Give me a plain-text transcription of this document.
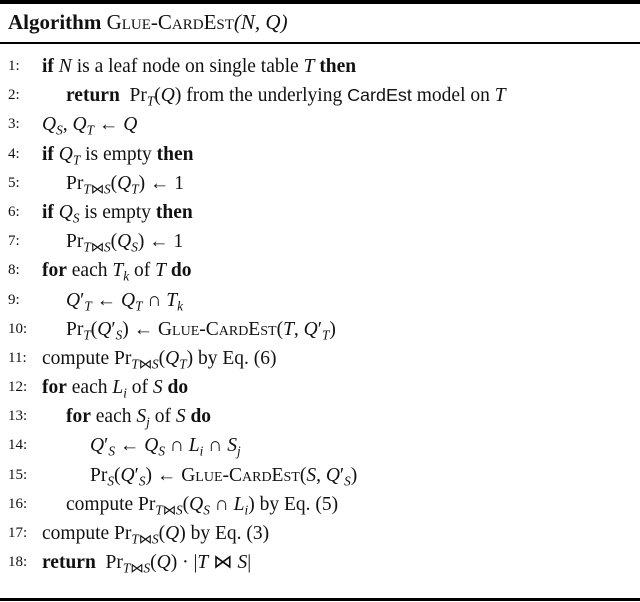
Algorithm Glue-CardEst(N, Q)
1:	if N is a leaf node on single table T then
2:	return  $Pr_T(Q)$ from the underlying CardEst model on T
3:	$Q_S$, $Q_T$ ← Q
4:	if $Q_T$ is empty then
5:	$Pr_{T⋈S}(Q_T)$ ← 1
6:	if $Q_S$ is empty then
7:	$Pr_{T⋈S}(Q_S)$ ← 1
8:	for each $T_k$ of T do
9:	$Q'_T$ ← $Q_T$ ∩ $T_k$
10:	$Pr_T(Q'_S)$ ← Glue-CardEst(T, $Q'_T$)
11: compute $Pr_{T⋈S}(Q_T)$ by Eq. (6)
12: for each $L_i$ of S do
13:	for each $S_j$ of S do
14:	$Q'_S$ ← $Q_S$ ∩ $L_i$ ∩ $S_j$
15:	$Pr_S(Q'_S)$ ← Glue-CardEst(S, $Q'_S$)
16:	compute $Pr_{T⋈S}(Q_S$ ∩ $L_i$) by Eq. (5)
17: compute $Pr_{T⋈S}(Q)$ by Eq. (3)
18: return  $Pr_{T⋈S}(Q) \cdot |T$ ⋈ S|
